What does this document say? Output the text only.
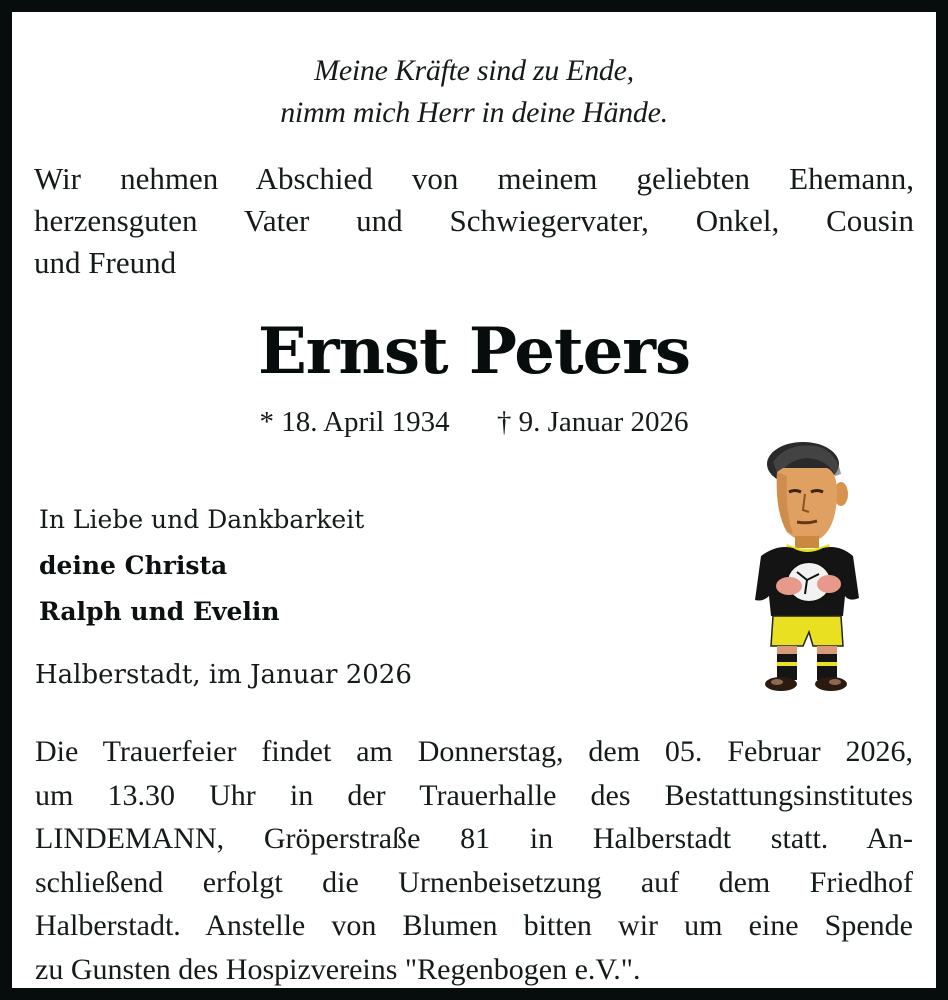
Meine Kräfte sind zu Ende,
nimm mich Herr in deine Hände.
Wir nehmen Abschied von meinem geliebten Ehemann,
herzensguten Vater und Schwiegervater, Onkel, Cousin
und Freund
Ernst Peters
* 18. April 1934 † 9. Januar 2026
In Liebe und Dankbarkeit
deine Christa
Ralph und Evelin
Halberstadt, im Januar 2026
Die Trauerfeier findet am Donnerstag, dem 05. Februar 2026,
um 13.30 Uhr in der Trauerhalle des Bestattungsinstitutes
LINDEMANN, Gröperstraße 81 in Halberstadt statt. An-
schließend erfolgt die Urnenbeisetzung auf dem Friedhof
Halberstadt. Anstelle von Blumen bitten wir um eine Spende
zu Gunsten des Hospizvereins "Regenbogen e.V.".
